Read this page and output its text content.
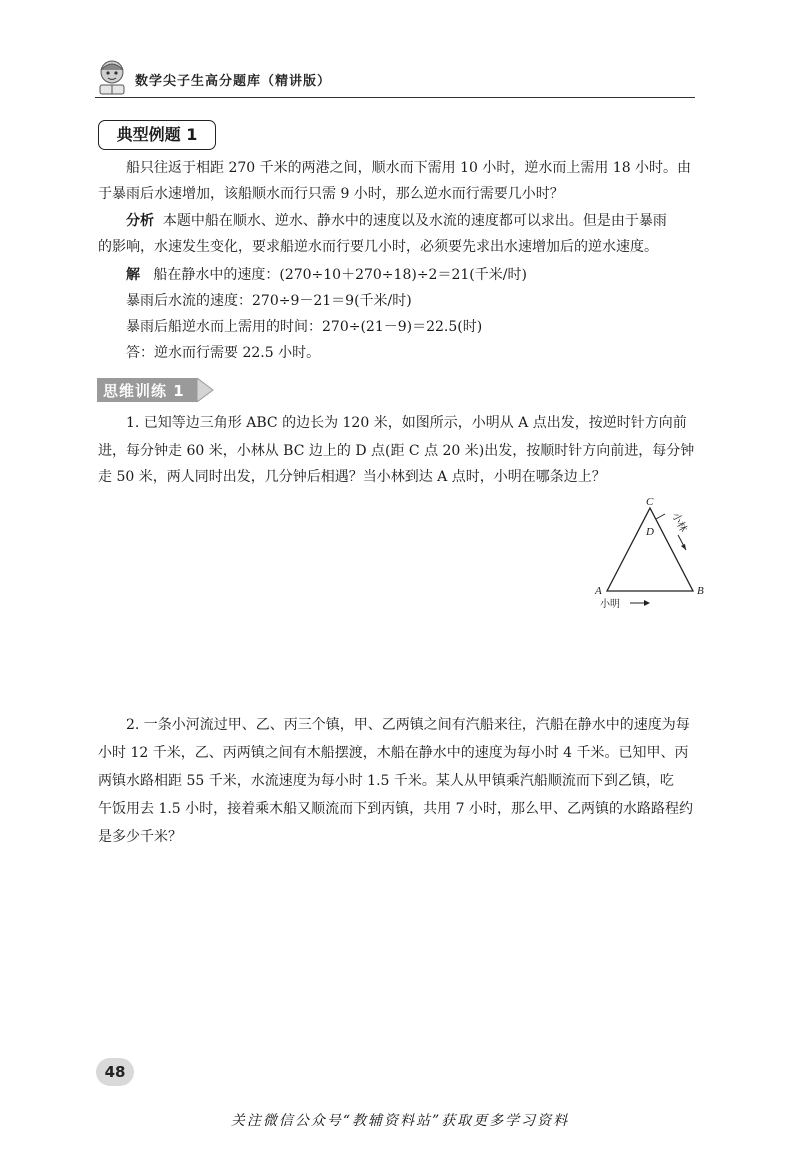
数学尖子生高分题库（精讲版）
典型例题 1

船只往返于相距 270 千米的两港之间，顺水而下需用 10 小时，逆水而上需用 18 小时。由

于暴雨后水速增加，该船顺水而行只需 9 小时，那么逆水而行需要几小时？

分析 本题中船在顺水、逆水、静水中的速度以及水流的速度都可以求出。但是由于暴雨

的影响，水速发生变化，要求船逆水而行要几小时，必须要先求出水速增加后的逆水速度。

解 船在静水中的速度：(270÷10＋270÷18)÷2＝21(千米/时)

暴雨后水流的速度：270÷9－21＝9(千米/时)

暴雨后船逆水而上需用的时间：270÷(21－9)＝22.5(时)

答：逆水而行需要 22.5 小时。

思维训练 1

1. 已知等边三角形 ABC 的边长为 120 米，如图所示，小明从 A 点出发，按逆时针方向前

进，每分钟走 60 米，小林从 BC 边上的 D 点(距 C 点 20 米)出发，按顺时针方向前进，每分钟

走 50 米，两人同时出发，几分钟后相遇？当小林到达 A 点时，小明在哪条边上？

C
A	B
D 小林
小明

2. 一条小河流过甲、乙、丙三个镇，甲、乙两镇之间有汽船来往，汽船在静水中的速度为每

小时 12 千米，乙、丙两镇之间有木船摆渡，木船在静水中的速度为每小时 4 千米。已知甲、丙

两镇水路相距 55 千米，水流速度为每小时 1.5 千米。某人从甲镇乘汽船顺流而下到乙镇，吃

午饭用去 1.5 小时，接着乘木船又顺流而下到丙镇，共用 7 小时，那么甲、乙两镇的水路路程约

是多少千米？

48
关注微信公众号“教辅资料站”获取更多学习资料
